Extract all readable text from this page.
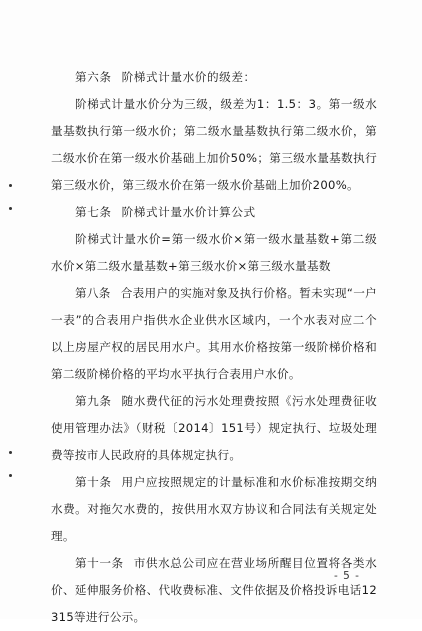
第六条 阶梯式计量水价的级差：

阶梯式计量水价分为三级，级差为1：1.5：3。第一级水量基数执行第一级水价；第二级水量基数执行第二级水价，第二级水价在第一级水价基础上加价50%；第三级水量基数执行第三级水价，第三级水价在第一级水价基础上加价200%。

第七条 阶梯式计量水价计算公式

阶梯式计量水价=第一级水价×第一级水量基数+第二级水价×第二级水量基数+第三级水价×第三级水量基数

第八条 合表用户的实施对象及执行价格。暂未实现“一户一表”的合表用户指供水企业供水区域内，一个水表对应二个以上房屋产权的居民用水户。其用水价格按第一级阶梯价格和第二级阶梯价格的平均水平执行合表用户水价。

第九条 随水费代征的污水处理费按照《污水处理费征收使用管理办法》（财税〔2014〕151号）规定执行、垃圾处理费等按市人民政府的具体规定执行。

第十条 用户应按照规定的计量标准和水价标准按期交纳水费。对拖欠水费的，按供用水双方协议和合同法有关规定处理。

第十一条 市供水总公司应在营业场所醒目位置将各类水价、延伸服务价格、代收费标准、文件依据及价格投诉电话12315等进行公示。

- 5 -
